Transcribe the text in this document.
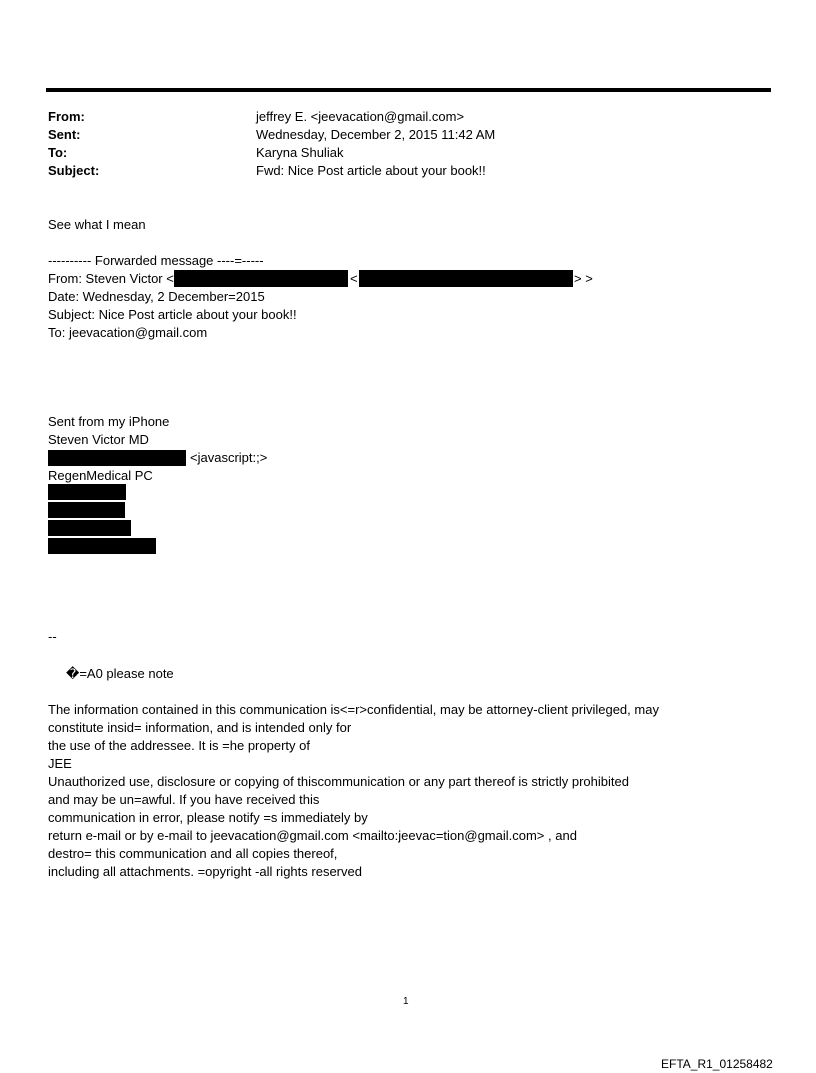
From:	jeffrey E. <jeevacation@gmail.com>
Sent:	Wednesday, December 2, 2015 11:42 AM
To:	Karyna Shuliak
Subject:	Fwd: Nice Post article about your book!!
See what I mean
---------- Forwarded message ----=-----
From: Steven Victor <	<	> >
Date: Wednesday, 2 December=2015
Subject: Nice Post article about your book!!
To: jeevacation@gmail.com
Sent from my iPhone
Steven Victor MD
<javascript:;>
RegenMedical PC
--
�=A0 please note
The information contained in this communication is<=r>confidential, may be attorney-client privileged, may
constitute insid= information, and is intended only for
the use of the addressee. It is =he property of
JEE
Unauthorized use, disclosure or copying of thiscommunication or any part thereof is strictly prohibited
and may be un=awful. If you have received this
communication in error, please notify =s immediately by
return e-mail or by e-mail to jeevacation@gmail.com <mailto:jeevac=tion@gmail.com> , and
destro= this communication and all copies thereof,
including all attachments. =opyright -all rights reserved
1
EFTA_R1_01258482
